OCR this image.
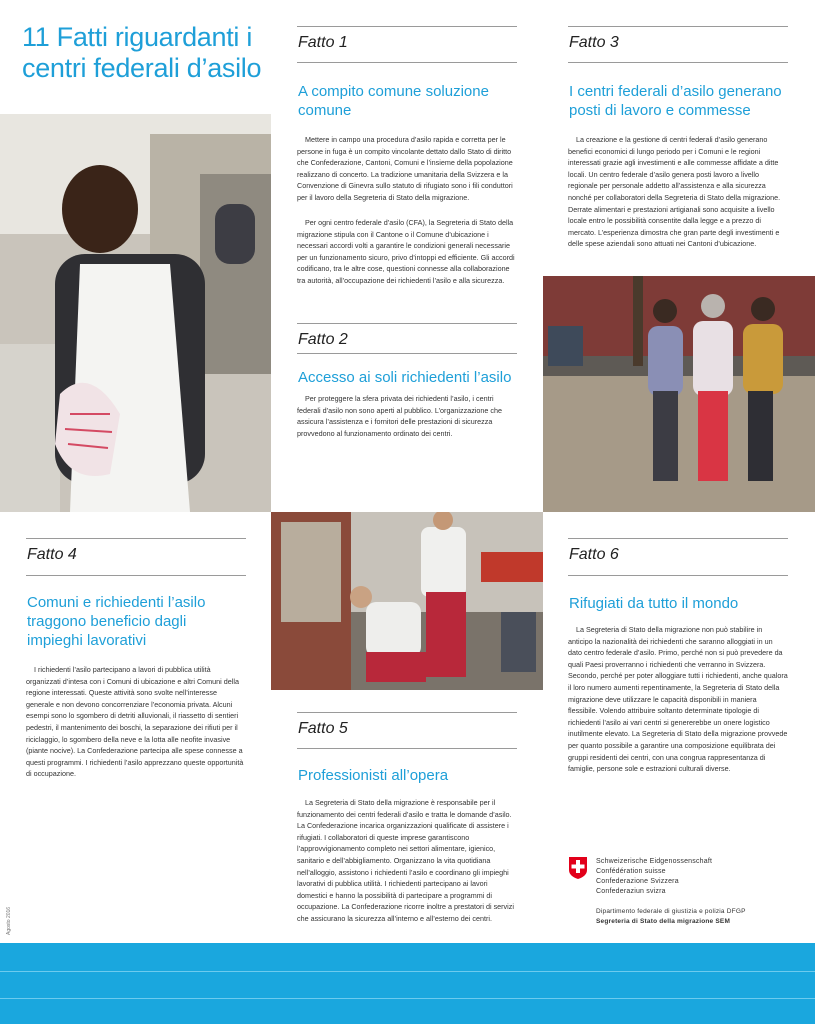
11 Fatti riguardanti i centri federali d’asilo
Fatto 1
A compito comune soluzione comune

Mettere in campo una procedura d’asilo rapida e corretta per le persone in fuga è un compito vincolante dettato dallo Stato di diritto che Confederazione, Cantoni, Comuni e l’insieme della popolazione realizzano di concerto. La tradizione umanitaria della Svizzera e la Convenzione di Ginevra sullo statuto di rifugiato sono i fili conduttori per il lavoro della Segreteria di Stato della migrazione.

Per ogni centro federale d’asilo (CFA), la Segreteria di Stato della migrazione stipula con il Cantone o il Comune d’ubicazione i necessari accordi volti a garantire le condizioni generali necessarie per un funzionamento sicuro, privo d’intoppi ed efficiente. Gli accordi codificano, tra le altre cose, questioni connesse alla collaborazione tra autorità, all’occupazione dei richiedenti l’asilo e alla sicurezza.

Fatto 2
Accesso ai soli richiedenti l’asilo

Per proteggere la sfera privata dei richiedenti l’asilo, i centri federali d’asilo non sono aperti al pubblico. L’organizzazione che assicura l’assistenza e i fornitori delle prestazioni di sicurezza provvedono al funzionamento ordinato dei centri.

Fatto 3
I centri federali d’asilo generano posti di lavoro e commesse

La creazione e la gestione di centri federali d’asilo generano benefici economici di lungo periodo per i Comuni e le regioni interessati grazie agli investimenti e alle commesse affidate a ditte locali. Un centro federale d’asilo genera posti lavoro a livello regionale per personale addetto all’assistenza e alla sicurezza nonché per collaboratori della Segreteria di Stato della migrazione. Derrate alimentari e prestazioni artigianali sono acquisite a livello locale entro le possibilità consentite dalla legge e a prezzo di mercato. L’esperienza dimostra che gran parte degli investimenti e delle spese aziendali sono attuati nei Cantoni d’ubicazione.

Fatto 4
Comuni e richiedenti l’asilo traggono beneficio dagli impieghi lavorativi

I richiedenti l’asilo partecipano a lavori di pubblica utilità organizzati d’intesa con i Comuni di ubicazione e altri Comuni della regione interessati. Queste attività sono svolte nell’interesse generale e non devono concorrenziare l’economia privata. Alcuni esempi sono lo sgombero di detriti alluvionali, il riassetto di sentieri pedestri, il mantenimento dei boschi, la separazione dei rifiuti per il riciclaggio, lo sgombero della neve e la lotta alle neofite invasive (piante nocive). La Confederazione partecipa alle spese connesse a questi programmi. I richiedenti l’asilo apprezzano queste opportunità di occupazione.

Fatto 5
Professionisti all’opera

La Segreteria di Stato della migrazione è responsabile per il funzionamento dei centri federali d’asilo e tratta le domande d’asilo. La Confederazione incarica organizzazioni qualificate di assistere i rifugiati. I collaboratori di queste imprese garantiscono l’approvvigionamento completo nei settori alimentare, igienico, sanitario e dell’abbigliamento. Organizzano la vita quotidiana nell’alloggio, assistono i richiedenti l’asilo e coordinano gli impieghi lavorativi di pubblica utilità. I richiedenti partecipano ai lavori domestici e hanno la possibilità di partecipare a programmi di occupazione. La Confederazione ricorre inoltre a prestatori di servizi che assicurano la sicurezza all’interno e all’esterno dei centri.

Fatto 6
Rifugiati da tutto il mondo

La Segreteria di Stato della migrazione non può stabilire in anticipo la nazionalità dei richiedenti che saranno alloggiati in un dato centro federale d’asilo. Primo, perché non si può prevedere da quali Paesi proverranno i richiedenti che verranno in Svizzera. Secondo, perché per poter alloggiare tutti i richiedenti, anche qualora il loro numero aumenti repentinamente, la Segreteria di Stato della migrazione deve utilizzare le capacità disponibili in maniera flessibile. Volendo attribuire soltanto determinate tipologie di richiedenti l’asilo ai vari centri si genererebbe un onere logistico inutilmente elevato. La Segreteria di Stato della migrazione provvede per quanto possibile a garantire una composizione equilibrata dei gruppi residenti dei centri, con una congrua rappresentanza di famiglie, persone sole e estrazioni culturali diverse.

Schweizerische Eidgenossenschaft
Confédération suisse
Confederazione Svizzera
Confederaziun svizra
Dipartimento federale di giustizia e polizia DFGP
Segreteria di Stato della migrazione SEM
Agosto 2016
